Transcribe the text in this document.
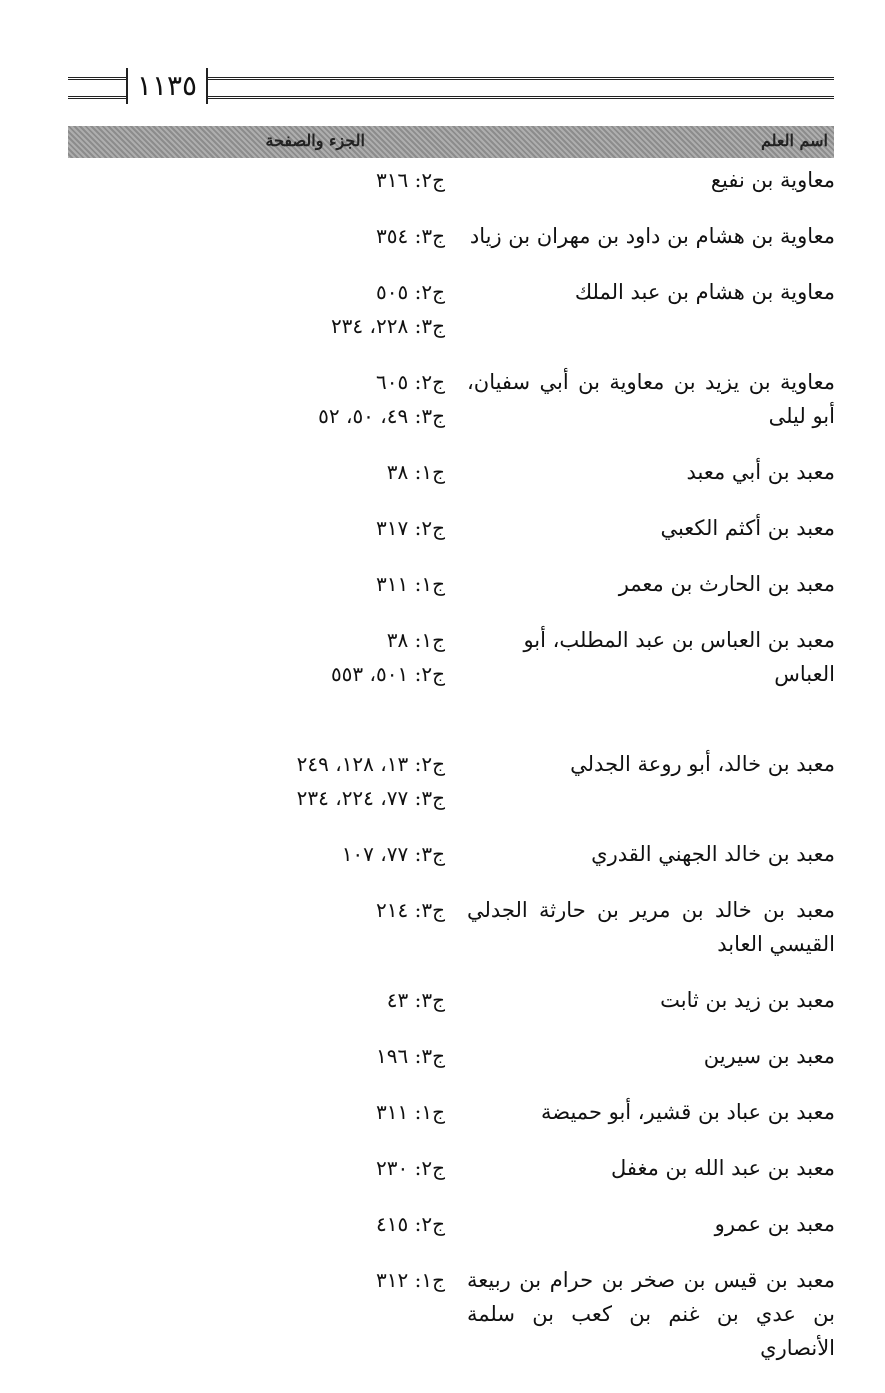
١١٣٥
اسم العلم
الجزء والصفحة
معاوية بن نفيع
ج٢: ٣١٦
معاوية بن هشام بن داود بن مهران بن زياد
ج٣: ٣٥٤
معاوية بن هشام بن عبد الملك
ج٢: ٥٠٥
ج٣: ٢٢٨، ٢٣٤
معاوية بن يزيد بن معاوية بن أبي سفيان، أبو ليلى
ج٢: ٦٠٥
ج٣: ٤٩، ٥٠، ٥٢
معبد بن أبي معبد
ج١: ٣٨
معبد بن أكثم الكعبي
ج٢: ٣١٧
معبد بن الحارث بن معمر
ج١: ٣١١
معبد بن العباس بن عبد المطلب، أبو العباس
ج١: ٣٨
ج٢: ٥٠١، ٥٥٣
معبد بن خالد، أبو روعة الجدلي
ج٢: ١٣، ١٢٨، ٢٤٩
ج٣: ٧٧، ٢٢٤، ٢٣٤
معبد بن خالد الجهني القدري
ج٣: ٧٧، ١٠٧
معبد بن خالد بن مرير بن حارثة الجدلي القيسي العابد
ج٣: ٢١٤
معبد بن زيد بن ثابت
ج٣: ٤٣
معبد بن سيرين
ج٣: ١٩٦
معبد بن عباد بن قشير، أبو حميضة
ج١: ٣١١
معبد بن عبد الله بن مغفل
ج٢: ٢٣٠
معبد بن عمرو
ج٢: ٤١٥
معبد بن قيس بن صخر بن حرام بن ربيعة بن عدي بن غنم بن كعب بن سلمة الأنصاري
ج١: ٣١٢
